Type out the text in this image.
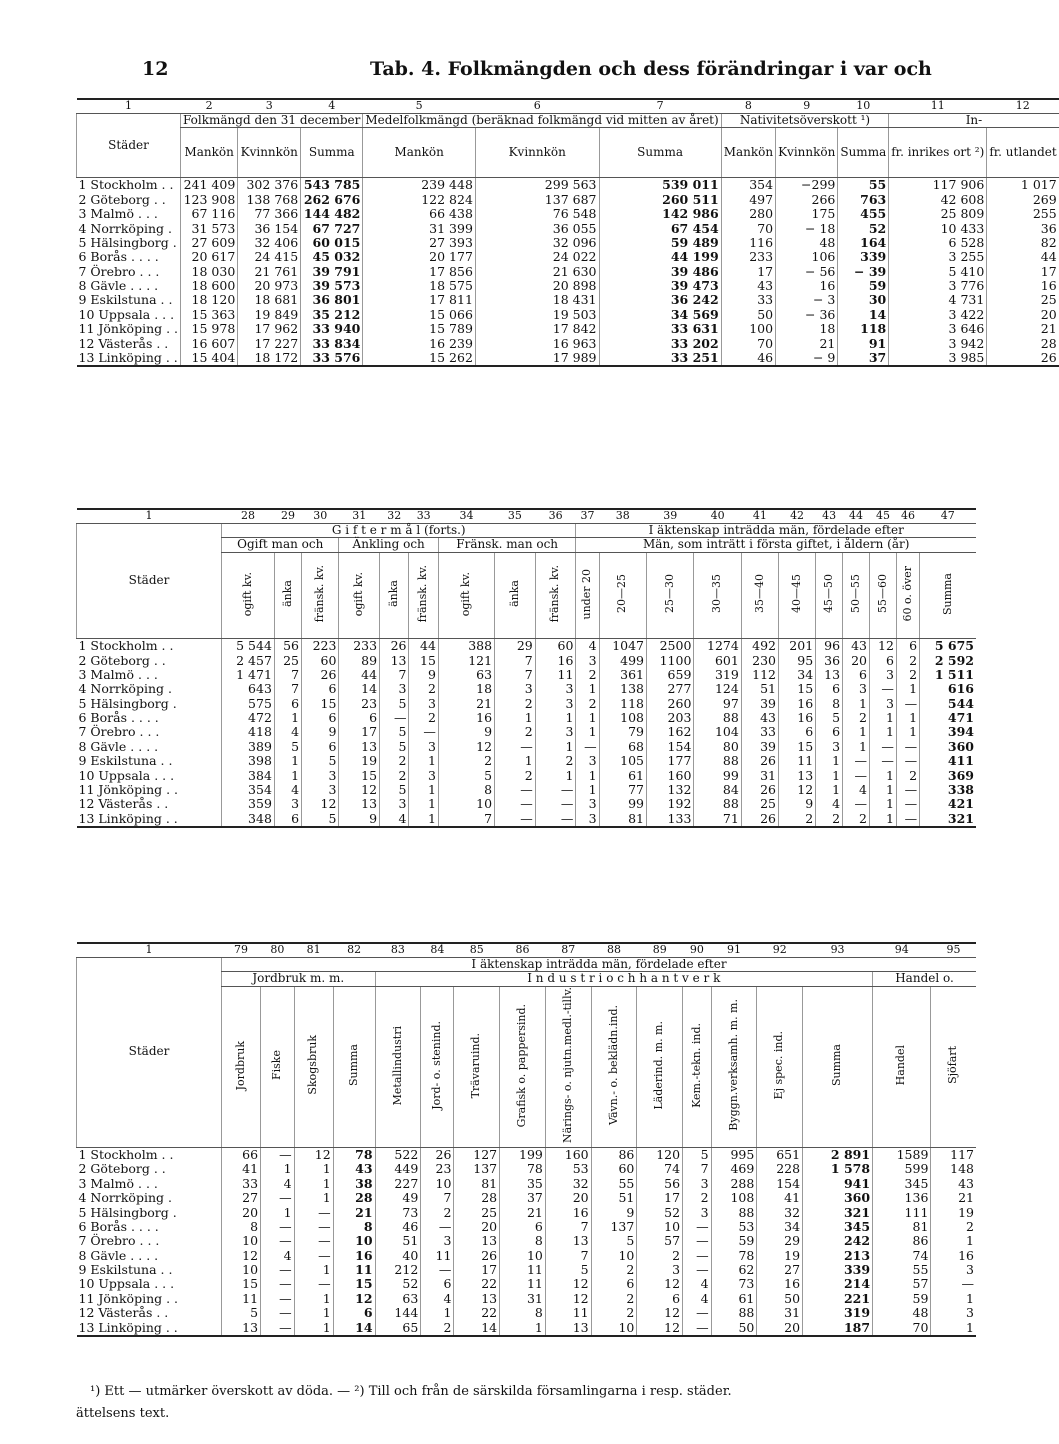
12	Tab. 4. Folkmängden och dess förändringar i var och
1	2	3	4	5	6	7	8	9	10	11	12
Städer	Folkmängd den 31 december			Medelfolkmängd (beräknad folkmängd vid mitten av året)			Nativitetsöverskott ¹)			In-	
	Mankön	Kvinnkön	Summa	Mankön	Kvinnkön	Summa	Mankön	Kvinnkön	Summa	fr. inrikes ort ²)	fr. utlandet
1 Stockholm . .	241 409	302 376	543 785	239 448	299 563	539 011	354	−299	55	117 906	1 017
2 Göteborg . .	123 908	138 768	262 676	122 824	137 687	260 511	497	266	763	42 608	269
3 Malmö . . .	67 116	77 366	144 482	66 438	76 548	142 986	280	175	455	25 809	255
4 Norrköping .	31 573	36 154	67 727	31 399	36 055	67 454	70	− 18	52	10 433	36
5 Hälsingborg .	27 609	32 406	60 015	27 393	32 096	59 489	116	48	164	6 528	82
6 Borås . . . .	20 617	24 415	45 032	20 177	24 022	44 199	233	106	339	3 255	44
7 Örebro . . .	18 030	21 761	39 791	17 856	21 630	39 486	17	− 56	− 39	5 410	17
8 Gävle . . . .	18 600	20 973	39 573	18 575	20 898	39 473	43	16	59	3 776	16
9 Eskilstuna . .	18 120	18 681	36 801	17 811	18 431	36 242	33	− 3	30	4 731	25
10 Uppsala . . .	15 363	19 849	35 212	15 066	19 503	34 569	50	− 36	14	3 422	20
11 Jönköping . .	15 978	17 962	33 940	15 789	17 842	33 631	100	18	118	3 646	21
12 Västerås . .	16 607	17 227	33 834	16 239	16 963	33 202	70	21	91	3 942	28
13 Linköping . .	15 404	18 172	33 576	15 262	17 989	33 251	46	− 9	37	3 985	26
1	28	29	30	31	32	33	34	35	36	37	38	39	40	41	42	43	44	45	46	47
Städer	G i f t e r m å l (forts.)									I äktenskap inträdda män, fördelade efter										
	Ogift man och			Änkling och			Fränsk. man och			Män, som inträtt i första giftet, i åldern (år)										
	ogift kv.	änka	fränsk. kv.	ogift kv.	änka	fränsk. kv.	ogift kv.	änka	fränsk. kv.	under 20	20—25	25—30	30—35	35—40	40—45	45—50	50—55	55—60	60 o. över	Summa
1 Stockholm . .	5 544	56	223	233	26	44	388	29	60	4	1047	2500	1274	492	201	96	43	12	6	5 675
2 Göteborg . .	2 457	25	60	89	13	15	121	7	16	3	499	1100	601	230	95	36	20	6	2	2 592
3 Malmö . . .	1 471	7	26	44	7	9	63	7	11	2	361	659	319	112	34	13	6	3	2	1 511
4 Norrköping .	643	7	6	14	3	2	18	3	3	1	138	277	124	51	15	6	3	—	1	616
5 Hälsingborg .	575	6	15	23	5	3	21	2	3	2	118	260	97	39	16	8	1	3	—	544
6 Borås . . . .	472	1	6	6	—	2	16	1	1	1	108	203	88	43	16	5	2	1	1	471
7 Örebro . . .	418	4	9	17	5	—	9	2	3	1	79	162	104	33	6	6	1	1	1	394
8 Gävle . . . .	389	5	6	13	5	3	12	—	1	—	68	154	80	39	15	3	1	—	—	360
9 Eskilstuna . .	398	1	5	19	2	1	2	1	2	3	105	177	88	26	11	1	—	—	—	411
10 Uppsala . . .	384	1	3	15	2	3	5	2	1	1	61	160	99	31	13	1	—	1	2	369
11 Jönköping . .	354	4	3	12	5	1	8	—	—	1	77	132	84	26	12	1	4	1	—	338
12 Västerås . .	359	3	12	13	3	1	10	—	—	3	99	192	88	25	9	4	—	1	—	421
13 Linköping . .	348	6	5	9	4	1	7	—	—	3	81	133	71	26	2	2	2	1	—	321
1	79	80	81	82	83	84	85	86	87	88	89	90	91	92	93	94	95
Städer	I äktenskap inträdda män, fördelade efter																
	Jordbruk m. m.				I n d u s t r i o c h h a n t v e r k											Handel o.	
	Jordbruk	Fiske	Skogsbruk	Summa	Metallindustri	Jord- o. stenind.	Trävaruind.	Grafisk o. pappersind.	Närings- o. njutn.medl.-tillv.	Vävn.- o. beklädn.ind.	Läderind. m. m.	Kem.-tekn. ind.	Byggn.verksamh. m. m.	Ej spec. ind.	Summa	Handel	Sjöfart
1 Stockholm . .	66	—	12	78	522	26	127	199	160	86	120	5	995	651	2 891	1589	117
2 Göteborg . .	41	1	1	43	449	23	137	78	53	60	74	7	469	228	1 578	599	148
3 Malmö . . .	33	4	1	38	227	10	81	35	32	55	56	3	288	154	941	345	43
4 Norrköping .	27	—	1	28	49	7	28	37	20	51	17	2	108	41	360	136	21
5 Hälsingborg .	20	1	—	21	73	2	25	21	16	9	52	3	88	32	321	111	19
6 Borås . . . .	8	—	—	8	46	—	20	6	7	137	10	—	53	34	345	81	2
7 Örebro . . .	10	—	—	10	51	3	13	8	13	5	57	—	59	29	242	86	1
8 Gävle . . . .	12	4	—	16	40	11	26	10	7	10	2	—	78	19	213	74	16
9 Eskilstuna . .	10	—	1	11	212	—	17	11	5	2	3	—	62	27	339	55	3
10 Uppsala . . .	15	—	—	15	52	6	22	11	12	6	12	4	73	16	214	57	—
11 Jönköping . .	11	—	1	12	63	4	13	31	12	2	6	4	61	50	221	59	1
12 Västerås . .	5	—	1	6	144	1	22	8	11	2	12	—	88	31	319	48	3
13 Linköping . .	13	—	1	14	65	2	14	1	13	10	12	—	50	20	187	70	1
¹) Ett — utmärker överskott av döda. — ²) Till och från de särskilda församlingarna i resp. städer.
ättelsens text.
